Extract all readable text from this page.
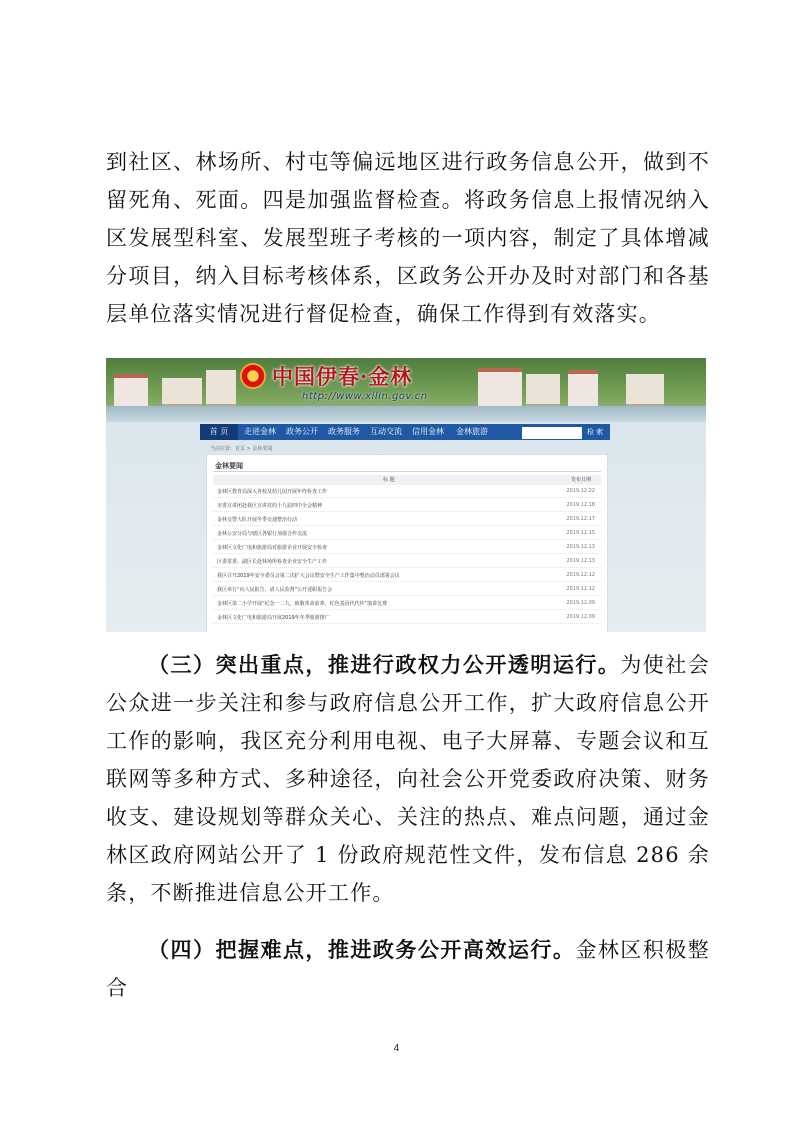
到社区、林场所、村屯等偏远地区进行政务信息公开，做到不留死角、死面。四是加强监督检查。将政务信息上报情况纳入区发展型科室、发展型班子考核的一项内容，制定了具体增减分项目，纳入目标考核体系，区政务公开办及时对部门和各基层单位落实情况进行督促检查，确保工作得到有效落实。

中国伊春·金林
http://www.xilin.gov.cn
首 页	走进金林	政务公开	政务服务	互动交流	信用金林	金林旅游	检 索
当前位置：首页 > 金林要闻
金林要闻
标 题	发布日期
金林区教育局深入各校及幼儿园开展年终检查工作	2019.12.22
市委宣讲团赴我区宣讲党的十九届四中全会精神	2019.12.18
金林交警大队开展冬季交通整治行动	2019.12.17
金林公安分局与辖区各银行加强合作交流	2019.12.15
金林区文化广电和旅游局对旅游企业开展安全检查	2019.12.13
区委常委、副区长赴林场所检查企业安全生产工作	2019.12.13
我区召开2019年安全委员会第二次扩大会议暨安全生产工作集中整治动员部署会议	2019.12.12
我区举行“向人民报告、请人民监督”公开述职报告会	2019.12.12
金林区第二小学开展“纪念一二九，致敬革命前辈，红色基因代代传”演讲比赛	2019.12.09
金林区文化广电和旅游局开展2019年冬季旅游推广	2019.12.09

（三）突出重点，推进行政权力公开透明运行。为使社会公众进一步关注和参与政府信息公开工作，扩大政府信息公开工作的影响，我区充分利用电视、电子大屏幕、专题会议和互联网等多种方式、多种途径，向社会公开党委政府决策、财务收支、建设规划等群众关心、关注的热点、难点问题，通过金林区政府网站公开了 1 份政府规范性文件，发布信息 286 余条，不断推进信息公开工作。

（四）把握难点，推进政务公开高效运行。金林区积极整合

4
